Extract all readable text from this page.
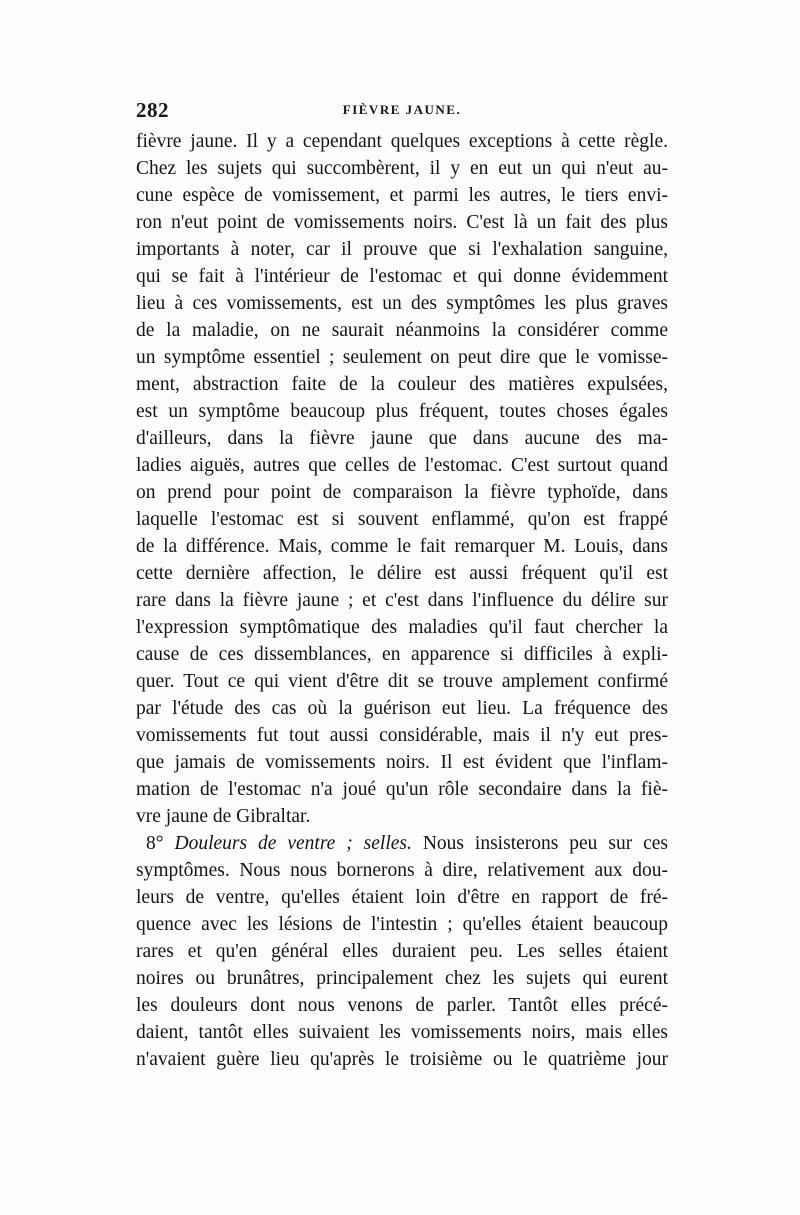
282	FIÈVRE JAUNE.
fièvre jaune. Il y a cependant quelques exceptions à cette règle.
Chez les sujets qui succombèrent, il y en eut un qui n'eut au-
cune espèce de vomissement, et parmi les autres, le tiers envi-
ron n'eut point de vomissements noirs. C'est là un fait des plus
importants à noter, car il prouve que si l'exhalation sanguine,
qui se fait à l'intérieur de l'estomac et qui donne évidemment
lieu à ces vomissements, est un des symptômes les plus graves
de la maladie, on ne saurait néanmoins la considérer comme
un symptôme essentiel ; seulement on peut dire que le vomisse-
ment, abstraction faite de la couleur des matières expulsées,
est un symptôme beaucoup plus fréquent, toutes choses égales
d'ailleurs, dans la fièvre jaune que dans aucune des ma-
ladies aiguës, autres que celles de l'estomac. C'est surtout quand
on prend pour point de comparaison la fièvre typhoïde, dans
laquelle l'estomac est si souvent enflammé, qu'on est frappé
de la différence. Mais, comme le fait remarquer M. Louis, dans
cette dernière affection, le délire est aussi fréquent qu'il est
rare dans la fièvre jaune ; et c'est dans l'influence du délire sur
l'expression symptômatique des maladies qu'il faut chercher la
cause de ces dissemblances, en apparence si difficiles à expli-
quer. Tout ce qui vient d'être dit se trouve amplement confirmé
par l'étude des cas où la guérison eut lieu. La fréquence des
vomissements fut tout aussi considérable, mais il n'y eut pres-
que jamais de vomissements noirs. Il est évident que l'inflam-
mation de l'estomac n'a joué qu'un rôle secondaire dans la fiè-
vre jaune de Gibraltar.
8° Douleurs de ventre ; selles. Nous insisterons peu sur ces
symptômes. Nous nous bornerons à dire, relativement aux dou-
leurs de ventre, qu'elles étaient loin d'être en rapport de fré-
quence avec les lésions de l'intestin ; qu'elles étaient beaucoup
rares et qu'en général elles duraient peu. Les selles étaient
noires ou brunâtres, principalement chez les sujets qui eurent
les douleurs dont nous venons de parler. Tantôt elles précé-
daient, tantôt elles suivaient les vomissements noirs, mais elles
n'avaient guère lieu qu'après le troisième ou le quatrième jour
